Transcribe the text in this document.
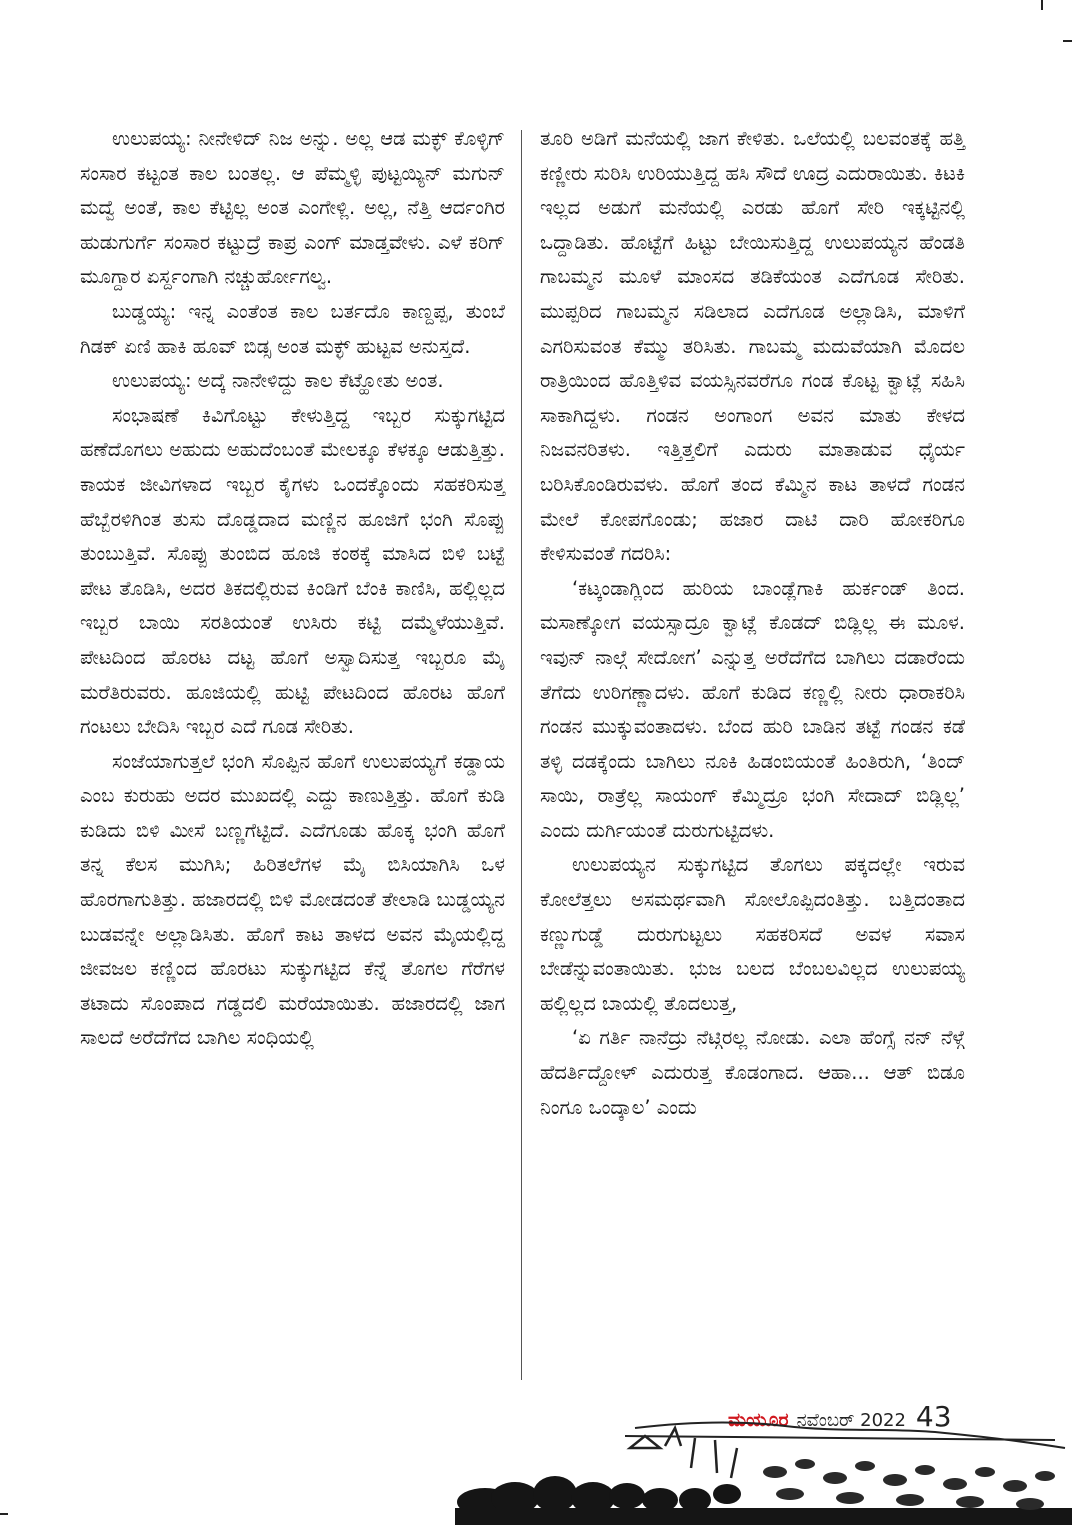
ಉಲುಪಯ್ಯ: ನೀನೇಳಿದ್ ನಿಜ ಅನ್ನು. ಅಲ್ಲ ಆಡ ಮಕ್ಳ್ ಕೊಳ್ಳಿಗ್ ಸಂಸಾರ ಕಟ್ಟಂತ ಕಾಲ ಬಂತಲ್ಲ. ಆ ಪೆಮ್ಮಳ್ಳಿ ಪುಟ್ಟಯ್ಯಿನ್ ಮಗುನ್ ಮದ್ವೆ ಅಂತೆ, ಕಾಲ ಕೆಟ್ಟಿಲ್ಲ ಅಂತ ಎಂಗೇಳ್ಲಿ. ಅಲ್ಲ, ನೆತ್ತಿ ಆರ್ದಂಗಿರ ಹುಡುಗುರ್ಗೆ ಸಂಸಾರ ಕಟ್ಟುದ್ರೆ ಕಾಪ್ರ ಎಂಗ್ ಮಾಡ್ತವೇಳು. ಎಳೆ ಕರಿಗ್ ಮೂಗ್ದಾರ ಏರ್ಸ್ದಂಗಾಗಿ ನಚ್ಚುರ್ಹೋಗಲ್ವ.

ಬುಡ್ಡಯ್ಯ: ಇನ್ನ ಎಂತೆಂತ ಕಾಲ ಬರ್ತದೊ ಕಾಣ್ದಪ್ಪ, ತುಂಬೆ ಗಿಡಕ್ ಏಣಿ ಹಾಕಿ ಹೂವ್ ಬಿಡ್ಸ ಅಂತ ಮಕ್ಳ್ ಹುಟ್ಟವ ಅನುಸ್ತದೆ.

ಉಲುಪಯ್ಯ: ಅದ್ಕೆ ನಾನೇಳಿದ್ದು ಕಾಲ ಕೆಟ್ಹೋತು ಅಂತ.

ಸಂಭಾಷಣೆ ಕಿವಿಗೊಟ್ಟು ಕೇಳುತ್ತಿದ್ದ ಇಬ್ಬರ ಸುಕ್ಕುಗಟ್ಟಿದ ಹಣೆದೊಗಲು ಅಹುದು ಅಹುದೆಂಬಂತೆ ಮೇಲಕ್ಕೂ ಕೆಳಕ್ಕೂ ಆಡುತ್ತಿತ್ತು. ಕಾಯಕ ಜೀವಿಗಳಾದ ಇಬ್ಬರ ಕೈಗಳು ಒಂದಕ್ಕೊಂದು ಸಹಕರಿಸುತ್ತ ಹೆಬ್ಬೆರಳಿಗಿಂತ ತುಸು ದೊಡ್ಡದಾದ ಮಣ್ಣಿನ ಹೂಜಿಗೆ ಭಂಗಿ ಸೊಪ್ಪು ತುಂಬುತ್ತಿವೆ. ಸೊಪ್ಪು ತುಂಬಿದ ಹೂಜಿ ಕಂಠಕ್ಕೆ ಮಾಸಿದ ಬಿಳಿ ಬಟ್ಟೆ ಪೇಟ ತೊಡಿಸಿ, ಅದರ ತಿಕದಲ್ಲಿರುವ ಕಿಂಡಿಗೆ ಬೆಂಕಿ ಕಾಣಿಸಿ, ಹಲ್ಲಿಲ್ಲದ ಇಬ್ಬರ ಬಾಯಿ ಸರತಿಯಂತೆ ಉಸಿರು ಕಟ್ಟಿ ದಮ್ಮೆಳೆಯುತ್ತಿವೆ. ಪೇಟದಿಂದ ಹೊರಟ ದಟ್ಟ ಹೊಗೆ ಅಸ್ವಾದಿಸುತ್ತ ಇಬ್ಬರೂ ಮೈ ಮರೆತಿರುವರು. ಹೂಜಿಯಲ್ಲಿ ಹುಟ್ಟಿ ಪೇಟದಿಂದ ಹೊರಟ ಹೊಗೆ ಗಂಟಲು ಬೇದಿಸಿ ಇಬ್ಬರ ಎದೆ ಗೂಡ ಸೇರಿತು.

ಸಂಜೆಯಾಗುತ್ತಲೆ ಭಂಗಿ ಸೊಪ್ಪಿನ ಹೊಗೆ ಉಲುಪಯ್ಯಗೆ ಕಡ್ಡಾಯ ಎಂಬ ಕುರುಹು ಅದರ ಮುಖದಲ್ಲಿ ಎದ್ದು ಕಾಣುತ್ತಿತ್ತು. ಹೊಗೆ ಕುಡಿ ಕುಡಿದು ಬಿಳಿ ಮೀಸೆ ಬಣ್ಣಗೆಟ್ಟಿದೆ. ಎದೆಗೂಡು ಹೊಕ್ಕ ಭಂಗಿ ಹೊಗೆ ತನ್ನ ಕೆಲಸ ಮುಗಿಸಿ; ಹಿರಿತಲೆಗಳ ಮೈ ಬಿಸಿಯಾಗಿಸಿ ಒಳ ಹೊರಗಾಗುತಿತ್ತು. ಹಜಾರದಲ್ಲಿ ಬಿಳಿ ಮೋಡದಂತೆ ತೇಲಾಡಿ ಬುಡ್ಡಯ್ಯನ ಬುಡವನ್ನೇ ಅಲ್ಲಾಡಿಸಿತು. ಹೊಗೆ ಕಾಟ ತಾಳದ ಅವನ ಮೈಯಲ್ಲಿದ್ದ ಜೀವಜಲ ಕಣ್ಣಿಂದ ಹೊರಟು ಸುಕ್ಕುಗಟ್ಟಿದ ಕೆನ್ನೆ ತೊಗಲ ಗೆರೆಗಳ ತಟಾದು ಸೊಂಪಾದ ಗಡ್ಡದಲಿ ಮರೆಯಾಯಿತು. ಹಜಾರದಲ್ಲಿ ಜಾಗ ಸಾಲದೆ ಅರೆದೆಗೆದ ಬಾಗಿಲ ಸಂಧಿಯಲ್ಲಿ

ತೂರಿ ಅಡಿಗೆ ಮನೆಯಲ್ಲಿ ಜಾಗ ಕೇಳಿತು. ಒಲೆಯಲ್ಲಿ ಬಲವಂತಕ್ಕೆ ಹತ್ತಿ ಕಣ್ಣೀರು ಸುರಿಸಿ ಉರಿಯುತ್ತಿದ್ದ ಹಸಿ ಸೌದೆ ಊದ್ರ ಎದುರಾಯಿತು. ಕಿಟಕಿ ಇಲ್ಲದ ಅಡುಗೆ ಮನೆಯಲ್ಲಿ ಎರಡು ಹೊಗೆ ಸೇರಿ ಇಕ್ಕಟ್ಟಿನಲ್ಲಿ ಒದ್ದಾಡಿತು. ಹೊಟ್ಟೆಗೆ ಹಿಟ್ಟು ಬೇಯಿಸುತ್ತಿದ್ದ ಉಲುಪಯ್ಯನ ಹೆಂಡತಿ ಗಾಬಮ್ಮನ ಮೂಳೆ ಮಾಂಸದ ತಡಿಕೆಯಂತ ಎದೆಗೂಡ ಸೇರಿತು. ಮುಪ್ಪರಿದ ಗಾಬಮ್ಮನ ಸಡಿಲಾದ ಎದೆಗೂಡ ಅಲ್ಲಾಡಿಸಿ, ಮಾಳಿಗೆ ಎಗರಿಸುವಂತ ಕೆಮ್ಮು ತರಿಸಿತು. ಗಾಬಮ್ಮ ಮದುವೆಯಾಗಿ ಮೊದಲ ರಾತ್ರಿಯಿಂದ ಹೊತ್ತಿಳಿವ ವಯಸ್ಸಿನವರೆಗೂ ಗಂಡ ಕೊಟ್ಟ ಕ್ವಾಟ್ಲೆ ಸಹಿಸಿ ಸಾಕಾಗಿದ್ದಳು. ಗಂಡನ ಅಂಗಾಂಗ ಅವನ ಮಾತು ಕೇಳದ ನಿಜವನರಿತಳು. ಇತ್ತಿತ್ತಲಿಗೆ ಎದುರು ಮಾತಾಡುವ ಧೈರ್ಯ ಬರಿಸಿಕೊಂಡಿರುವಳು. ಹೊಗೆ ತಂದ ಕೆಮ್ಮಿನ ಕಾಟ ತಾಳದೆ ಗಂಡನ ಮೇಲೆ ಕೋಪಗೊಂಡು; ಹಜಾರ ದಾಟಿ ದಾರಿ ಹೋಕರಿಗೂ ಕೇಳಿಸುವಂತೆ ಗದರಿಸಿ:

‘ಕಟ್ಕಂಡಾಗ್ಲಿಂದ ಹುರಿಯ ಬಾಂಡ್ಲೆಗಾಕಿ ಹುರ್ಕಂಡ್ ತಿಂದ. ಮಸಾಣ್ಕೋಗ ವಯಸ್ಸಾದ್ರೂ ಕ್ವಾಟ್ಲೆ ಕೊಡದ್ ಬಿಡ್ಲಿಲ್ಲ ಈ ಮೂಳ. ಇವುನ್ ನಾಲ್ಗೆ ಸೇದೋಗ’ ಎನ್ನುತ್ತ ಅರೆದೆಗೆದ ಬಾಗಿಲು ದಡಾರೆಂದು ತೆಗೆದು ಉರಿಗಣ್ಣಾದಳು. ಹೊಗೆ ಕುಡಿದ ಕಣ್ಣಲ್ಲಿ ನೀರು ಧಾರಾಕರಿಸಿ ಗಂಡನ ಮುಕ್ಕುವಂತಾದಳು. ಬೆಂದ ಹುರಿ ಬಾಡಿನ ತಟ್ಟೆ ಗಂಡನ ಕಡೆ ತಳ್ಳಿ ದಡಕ್ಕೆಂದು ಬಾಗಿಲು ನೂಕಿ ಹಿಡಂಬಿಯಂತೆ ಹಿಂತಿರುಗಿ, ‘ತಿಂದ್ ಸಾಯಿ, ರಾತ್ರೆಲ್ಲ ಸಾಯಂಗ್ ಕೆಮ್ಮಿದ್ರೂ ಭಂಗಿ ಸೇದಾದ್ ಬಿಡ್ಲಿಲ್ಲ’ ಎಂದು ದುರ್ಗಿಯಂತೆ ದುರುಗುಟ್ಟಿದಳು.

ಉಲುಪಯ್ಯನ ಸುಕ್ಕುಗಟ್ಟಿದ ತೊಗಲು ಪಕ್ಕದಲ್ಲೇ ಇರುವ ಕೋಲೆತ್ತಲು ಅಸಮರ್ಥವಾಗಿ ಸೋಲೊಪ್ಪಿದಂತಿತ್ತು. ಬತ್ತಿದಂತಾದ ಕಣ್ಣುಗುಡ್ಡೆ ದುರುಗುಟ್ಟಲು ಸಹಕರಿಸದೆ ಅವಳ ಸವಾಸ ಬೇಡೆನ್ನುವಂತಾಯಿತು. ಭುಜ ಬಲದ ಬೆಂಬಲವಿಲ್ಲದ ಉಲುಪಯ್ಯ ಹಲ್ಲಿಲ್ಲದ ಬಾಯಲ್ಲಿ ತೊದಲುತ್ತ,

‘ಏ ಗರ್ತಿ ನಾನೆದ್ರು ನೆಟ್ಗಿರಲ್ಲ ನೋಡು. ಎಲಾ ಹೆಂಗ್ಸೆ ನನ್ ನೆಳ್ಗೆ ಹೆದರ್ತಿದ್ದೋಳ್ ಎದುರುತ್ತ ಕೊಡಂಗಾದ. ಆಹಾ... ಆತ್ ಬಿಡೂ ನಿಂಗೂ ಒಂದ್ಕಾಲ’ ಎಂದು

ಮಯೂರ ನವೆಂಬರ್ 2022 43
